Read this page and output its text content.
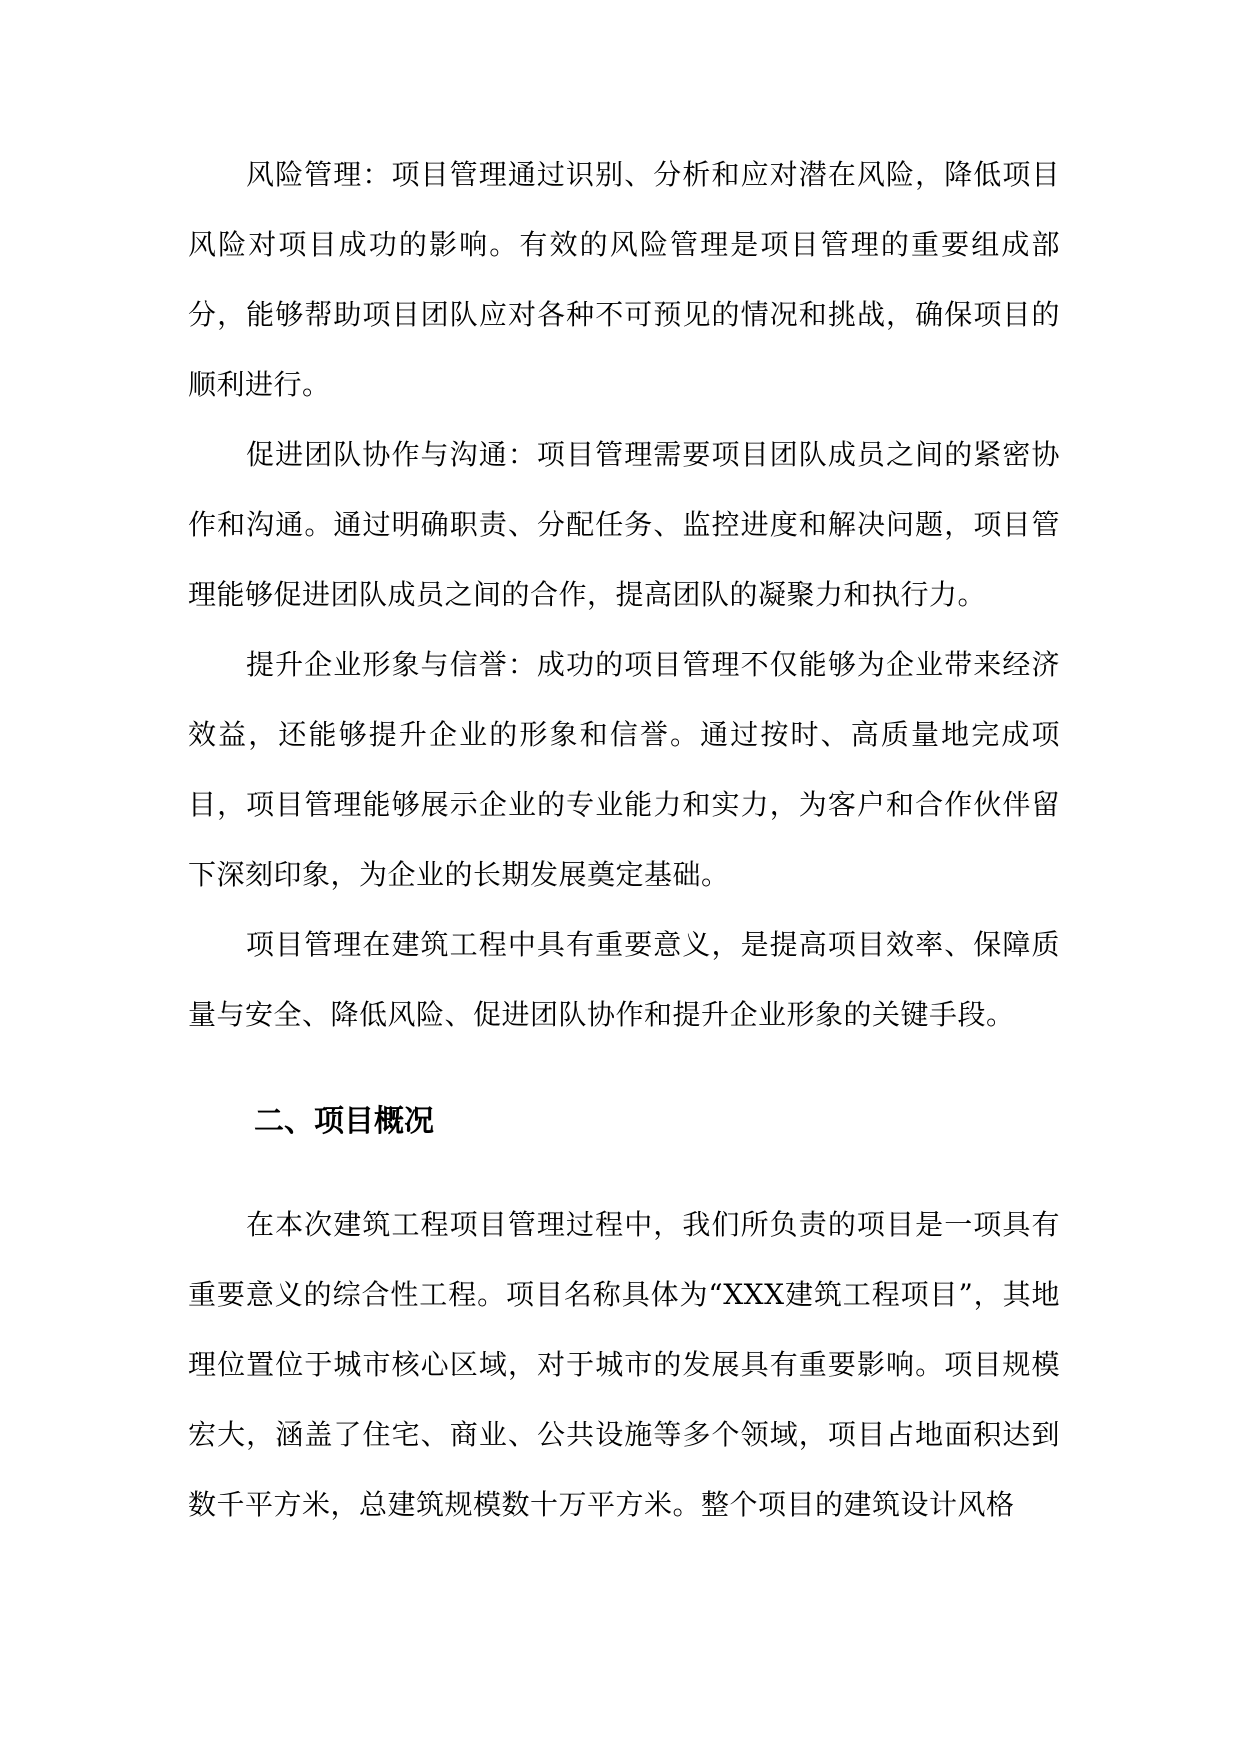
风险管理：项目管理通过识别、分析和应对潜在风险，降低项目风险对项目成功的影响。有效的风险管理是项目管理的重要组成部分，能够帮助项目团队应对各种不可预见的情况和挑战，确保项目的顺利进行。

促进团队协作与沟通：项目管理需要项目团队成员之间的紧密协作和沟通。通过明确职责、分配任务、监控进度和解决问题，项目管理能够促进团队成员之间的合作，提高团队的凝聚力和执行力。

提升企业形象与信誉：成功的项目管理不仅能够为企业带来经济效益，还能够提升企业的形象和信誉。通过按时、高质量地完成项目，项目管理能够展示企业的专业能力和实力，为客户和合作伙伴留下深刻印象，为企业的长期发展奠定基础。

项目管理在建筑工程中具有重要意义，是提高项目效率、保障质量与安全、降低风险、促进团队协作和提升企业形象的关键手段。

二、项目概况

在本次建筑工程项目管理过程中，我们所负责的项目是一项具有重要意义的综合性工程。项目名称具体为“XXX建筑工程项目”，其地理位置位于城市核心区域，对于城市的发展具有重要影响。项目规模宏大，涵盖了住宅、商业、公共设施等多个领域，项目占地面积达到数千平方米，总建筑规模数十万平方米。整个项目的建筑设计风格
